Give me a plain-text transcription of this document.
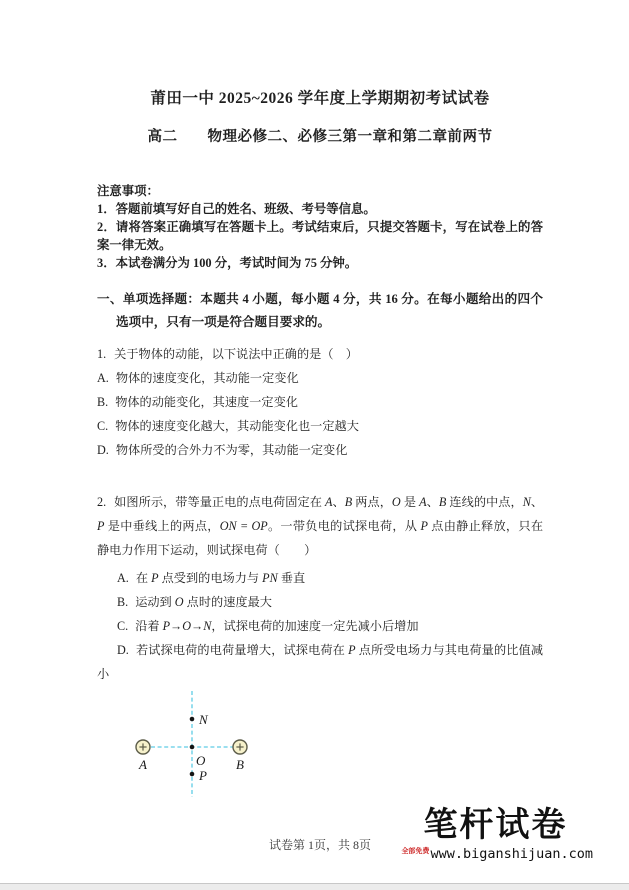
莆田一中 2025~2026 学年度上学期期初考试试卷
高二　　物理必修二、必修三第一章和第二章前两节

注意事项：

1．答题前填写好自己的姓名、班级、考号等信息。

2．请将答案正确填写在答题卡上。考试结束后，只提交答题卡，写在试卷上的答案一律无效。

3．本试卷满分为 100 分，考试时间为 75 分钟。

一、单项选择题：本题共 4 小题，每小题 4 分，共 16 分。在每小题给出的四个选项中，只有一项是符合题目要求的。

1. 关于物体的动能，以下说法中正确的是（　）

A. 物体的速度变化，其动能一定变化

B. 物体的动能变化，其速度一定变化

C. 物体的速度变化越大，其动能变化也一定越大

D. 物体所受的合外力不为零，其动能一定变化

2. 如图所示，带等量正电的点电荷固定在 A、B 两点，O 是 A、B 连线的中点，N、P 是中垂线上的两点，ON = OP。一带负电的试探电荷，从 P 点由静止释放，只在静电力作用下运动，则试探电荷（　　）

A. 在 P 点受到的电场力与 PN 垂直

B. 运动到 O 点时的速度最大

C. 沿着 P→O→N，试探电荷的加速度一定先减小后增加

D. 若试探电荷的电荷量增大，试探电荷在 P 点所受电场力与其电荷量的比值减小

N
O
P
A	B
试卷第 1页，共 8页
笔杆试卷
$^{全部免费}$www.biganshijuan.com
